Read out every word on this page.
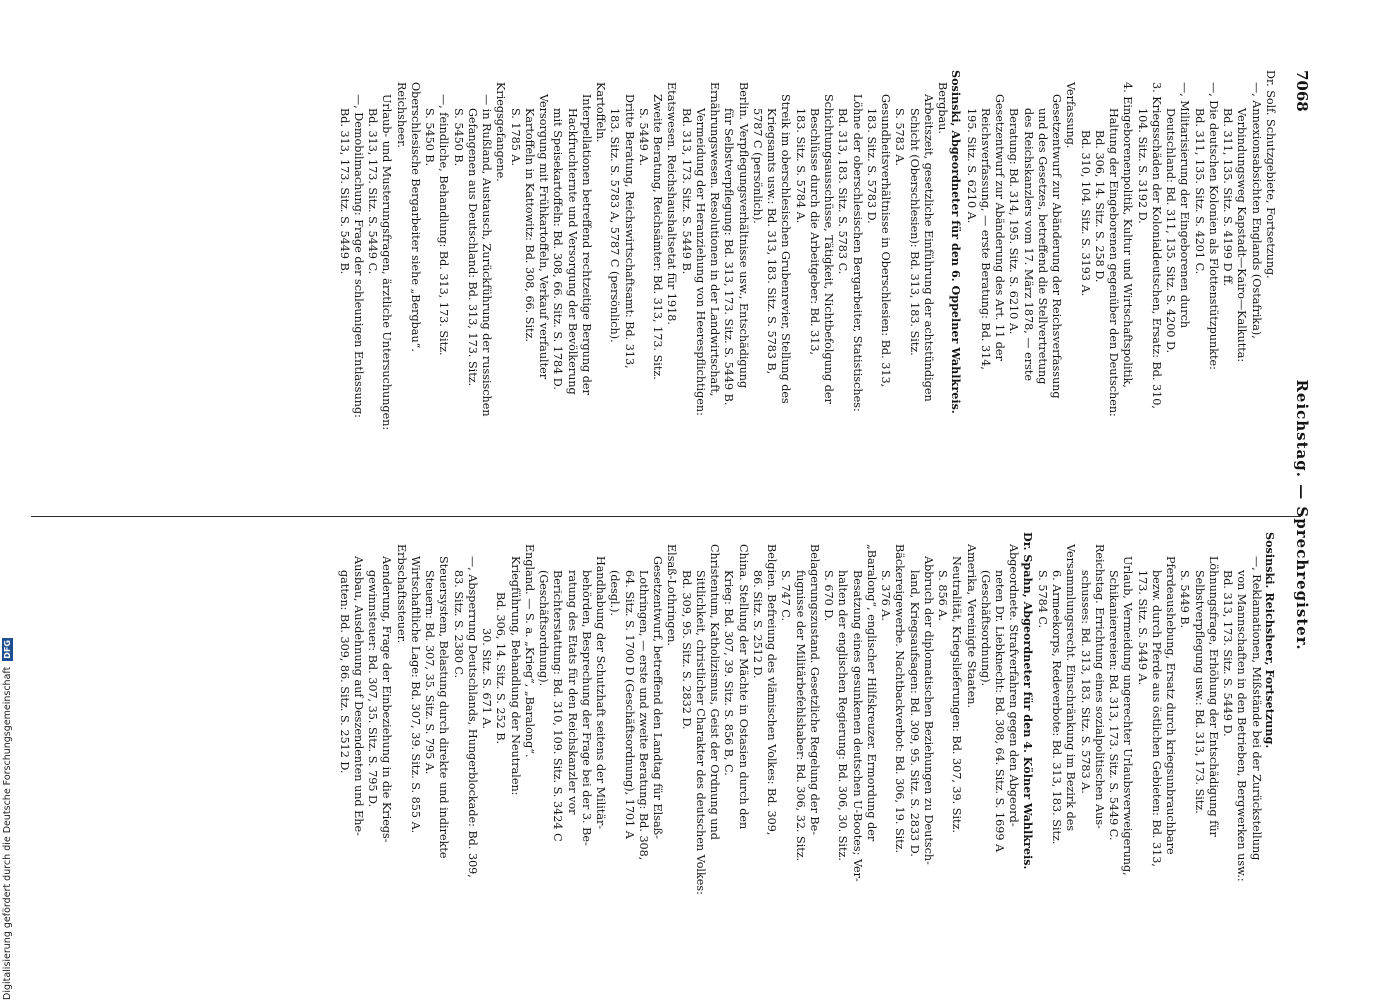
7068
Reichstag. — Sprechregister.
Dr. Solf. Schutzgebiete, Fortsetzung.
—, Annexionsabsichten Englands (Ostafrika),
Verbindungsweg Kapstadt—Kairo—Kalkutta:
Bd. 311, 135. Sitz. S. 4199 D ff.
—, Die deutschen Kolonien als Flottenstützpunkte:
Bd. 311, 135. Sitz. S. 4201 C.
—, Militarisierung der Eingeborenen durch
Deutschland: Bd. 311, 135. Sitz. S. 4200 D.
3. Kriegsschäden der Kolonialdeutschen, Ersatz: Bd. 310,
104. Sitz. S. 3192 D.
4. Eingeborenenpolitik, Kultur und Wirtschaftspolitik,
Haltung der Eingeborenen gegenüber den Deutschen:
Bd. 306, 14. Sitz. S. 258 D.
Bd. 310, 104. Sitz. S. 3193 A.
Verfassung.
Gesetzentwurf zur Abänderung der Reichsverfassung
und des Gesetzes, betreffend die Stellvertretung
des Reichskanzlers vom 17. März 1878, — erste
Beratung: Bd. 314, 195. Sitz. S. 6210 A.
Gesetzentwurf zur Abänderung des Art. 11 der
Reichsverfassung, — erste Beratung: Bd. 314,
195. Sitz. S. 6210 A.
Sosinski, Abgeordneter für den 6. Oppelner Wahlkreis.
Bergbau.
Arbeitszeit, gesetzliche Einführung der achtstündigen
Schicht (Oberschlesien): Bd. 313, 183. Sitz.
S. 5783 A.
Gesundheitsverhältnisse in Oberschlesien: Bd. 313,
183. Sitz. S. 5783 D.
Löhne der oberschlesischen Bergarbeiter, Statistisches:
Bd. 313, 183. Sitz. S. 5783 C.
Schichtungsausschüsse, Tätigkeit, Nichtbefolgung der
Beschlüsse durch die Arbeitgeber: Bd. 313,
183. Sitz. S. 5784 A.
Streik im oberschlesischen Grubenrevier, Stellung des
Kriegsamts usw.: Bd. 313, 183. Sitz. S. 5783 B,
5787 C (persönlich).
Berlin. Verpflegungsverhältnisse usw., Entschädigung
für Selbstverpflegung: Bd. 313, 173. Sitz. S. 5449 B.
Ernährungswesen. Resolutionen in der Landwirtschaft,
Vermeidung der Heranziehung von Heerespflichtigen:
Bd. 313, 173. Sitz. S. 5449 B.
Etatswesen. Reichshaushaltsetat für 1918.
Zweite Beratung, Reichsämter: Bd. 313, 173. Sitz.
S. 5449 A.
Dritte Beratung, Reichswirtschaftsamt: Bd. 313,
183. Sitz. S. 5783 A, 5787 C (persönlich).
Kartoffeln.
Interpellationen betreffend rechtzeitige Bergung der
Hackfruchternte und Versorgung der Bevölkerung
mit Speisekartoffeln: Bd. 308, 66. Sitz. S. 1784 D.
Versorgung mit Frühkartoffeln, Verkauf verfaulter
Kartoffeln in Kattowitz: Bd. 308, 66. Sitz.
S. 1785 A.
Kriegsgefangene.
— in Rußland, Austausch, Zurückführung der russischen
Gefangenen aus Deutschland: Bd. 313, 173. Sitz.
S. 5450 B.
—, feindliche, Behandlung: Bd. 313, 173. Sitz.
S. 5450 B.
Oberschlesische Bergarbeiter siehe „Bergbau“.
Reichsheer.
Urlaub- und Musterungsfragen, ärztliche Untersuchungen:
Bd. 313, 173. Sitz. S. 5449 C.
—, Demobilmachung: Frage der schleunigen Entlassung:
Bd. 313, 173. Sitz. S. 5449 B.
Sosinski. Reichsheer, Fortsetzung.
—, Reklamationen, Mißstände bei der Zurückstellung
von Mannschaften in den Betrieben, Bergwerken usw.:
Bd. 313, 173. Sitz. S. 5449 D.
Löhnungsfrage, Erhöhung der Entschädigung für
Selbstverpflegung usw.: Bd. 313, 173. Sitz.
S. 5449 B.
Pferdeaushebung, Ersatz durch kriegsunbrauchbare
bezw. durch Pferde aus östlichen Gebieten: Bd. 313,
173. Sitz. S. 5449 A.
Urlaub, Vermeidung ungerechter Urlaubsverweigerung,
Schikanierereien: Bd. 313, 173. Sitz. S. 5449 C.
Reichstag. Errichtung eines sozialpolitischen Aus-
schusses: Bd. 313, 183. Sitz. S. 5783 A.
Versammlungsrecht. Einschränkung im Bezirk des
6. Armeekorps, Redeverbote: Bd. 313, 183. Sitz.
S. 5784 C.
Dr. Spahn, Abgeordneter für den 4. Kölner Wahlkreis.
Abgeordnete. Strafverfahren gegen den Abgeord-
neten Dr. Liebknecht: Bd. 308, 64. Sitz. S. 1699 A
(Geschäftsordnung).
Amerika, Vereinigte Staaten.
Neutralität, Kriegslieferungen: Bd. 307, 39. Sitz.
S. 856 A.
Abbruch der diplomatischen Beziehungen zu Deutsch-
land, Kriegsaufsagen: Bd. 309, 95. Sitz. S. 2833 D.
Bäckereigewerbe. Nachtbackverbot: Bd. 306, 19. Sitz.
S. 376 A.
„Baralong“, englischer Hilfskreuzer. Ermordung der
Besatzung eines gesunkenen deutschen U-Bootes; Ver-
halten der englischen Regierung: Bd. 306, 30. Sitz.
S. 670 D.
Belagerungszustand. Gesetzliche Regelung der Be-
fugnisse der Militärbefehlshaber: Bd. 306, 32. Sitz.
S. 747 C.
Belgien. Befreiung des vlämischen Volkes: Bd. 309,
86. Sitz. S. 2512 D.
China. Stellung der Mächte in Ostasien durch den
Krieg: Bd. 307, 39. Sitz. S. 856 B, C.
Christentum, Katholizismus, Geist der Ordnung und
Sittlichkeit, christlicher Charakter des deutschen Volkes:
Bd. 309, 95. Sitz. S. 2832 D.
Elsaß-Lothringen.
Gesetzentwurf, betreffend den Landtag für Elsaß-
Lothringen, — erste und zweite Beratung: Bd. 308,
64. Sitz. S. 1700 D (Geschäftsordnung), 1701 A
(desgl.).
Handhabung der Schutzhaft seitens der Militär-
behörden, Besprechung der Frage bei der 3. Be-
ratung des Etats für den Reichskanzler vor
Berichterstattung: Bd. 310, 109. Sitz. S. 3424 C
(Geschäftsordnung).
England. — S. a. „Krieg“, „Baralong“.
Kriegführung, Behandlung der Neutralen:
Bd. 306, 14. Sitz. S. 252 B.
30. Sitz. S. 671 A.
—, Absperrung Deutschlands, Hungerblockade: Bd. 309,
83. Sitz. S. 2380 C.
Steuersystem, Belastung durch direkte und indirekte
Steuern: Bd. 307, 35. Sitz. S. 795 A.
Wirtschaftliche Lage: Bd. 307, 39. Sitz. S. 855 A.
Erbschaftssteuer.
Aenderung, Frage der Einbeziehung in die Kriegs-
gewinnsteuer: Bd. 307, 35. Sitz. S. 795 D.
Ausbau, Ausdehnung auf Deszendenten und Ehe-
gatten: Bd. 309, 86. Sitz. S. 2512 D.
Digitalisierung gefördert durch die Deutsche ForschungsgemeinschaftDFG
